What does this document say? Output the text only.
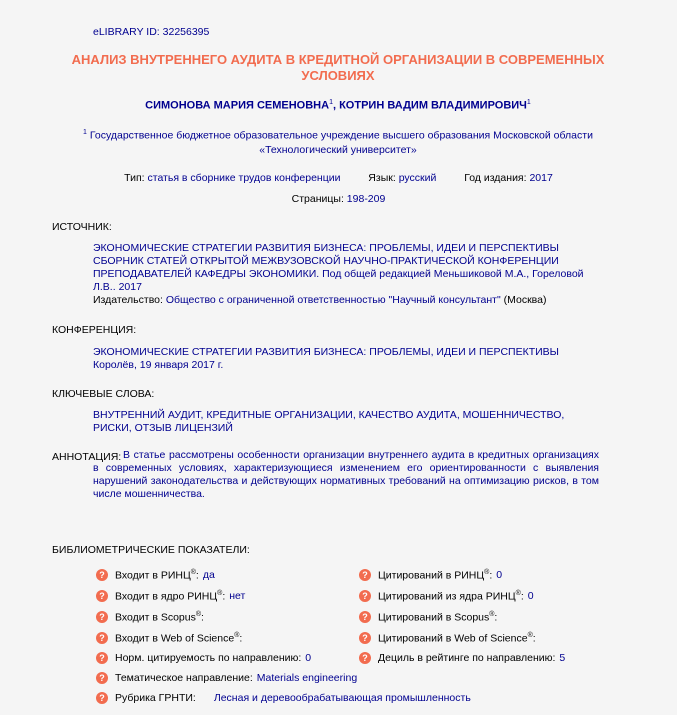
eLIBRARY ID: 32256395
АНАЛИЗ ВНУТРЕННЕГО АУДИТА В КРЕДИТНОЙ ОРГАНИЗАЦИИ В СОВРЕМЕННЫХ УСЛОВИЯХ
СИМОНОВА МАРИЯ СЕМЕНОВНА$^1$, КОТРИН ВАДИМ ВЛАДИМИРОВИЧ$^1$
$^1$ Государственное бюджетное образовательное учреждение высшего образования Московской области «Технологический университет»
Тип: статья в сборнике трудов конференции	Язык: русский	Год издания: 2017
Страницы: 198-209
ИСТОЧНИК:
ЭКОНОМИЧЕСКИЕ СТРАТЕГИИ РАЗВИТИЯ БИЗНЕСА: ПРОБЛЕМЫ, ИДЕИ И ПЕРСПЕКТИВЫ
СБОРНИК СТАТЕЙ ОТКРЫТОЙ МЕЖВУЗОВСКОЙ НАУЧНО-ПРАКТИЧЕСКОЙ КОНФЕРЕНЦИИ ПРЕПОДАВАТЕЛЕЙ КАФЕДРЫ ЭКОНОМИКИ. Под общей редакцией Меньшиковой М.А., Гореловой Л.В.. 2017
Издательство: Общество с ограниченной ответственностью "Научный консультант" (Москва)
КОНФЕРЕНЦИЯ:
ЭКОНОМИЧЕСКИЕ СТРАТЕГИИ РАЗВИТИЯ БИЗНЕСА: ПРОБЛЕМЫ, ИДЕИ И ПЕРСПЕКТИВЫ
Королёв, 19 января 2017 г.
КЛЮЧЕВЫЕ СЛОВА:
ВНУТРЕННИЙ АУДИТ, КРЕДИТНЫЕ ОРГАНИЗАЦИИ, КАЧЕСТВО АУДИТА, МОШЕННИЧЕСТВО, РИСКИ, ОТЗЫВ ЛИЦЕНЗИЙ
АННОТАЦИЯ: В статье рассмотрены особенности организации внутреннего аудита в кредитных организациях в современных условиях, характеризующиеся изменением его ориентированности с выявления нарушений законодательства и действующих нормативных требований на оптимизацию рисков, в том числе мошенничества.
БИБЛИОМЕТРИЧЕСКИЕ ПОКАЗАТЕЛИ:
? Входит в РИНЦ®: да
? Входит в ядро РИНЦ®: нет
? Входит в Scopus®:
? Входит в Web of Science®:
? Норм. цитируемость по направлению: 0
? Тематическое направление: Materials engineering
? Рубрика ГРНТИ: Лесная и деревообрабатывающая промышленность
? Цитирований в РИНЦ®: 0
? Цитирований из ядра РИНЦ®: 0
? Цитирований в Scopus®:
? Цитирований в Web of Science®:
? Дециль в рейтинге по направлению: 5
